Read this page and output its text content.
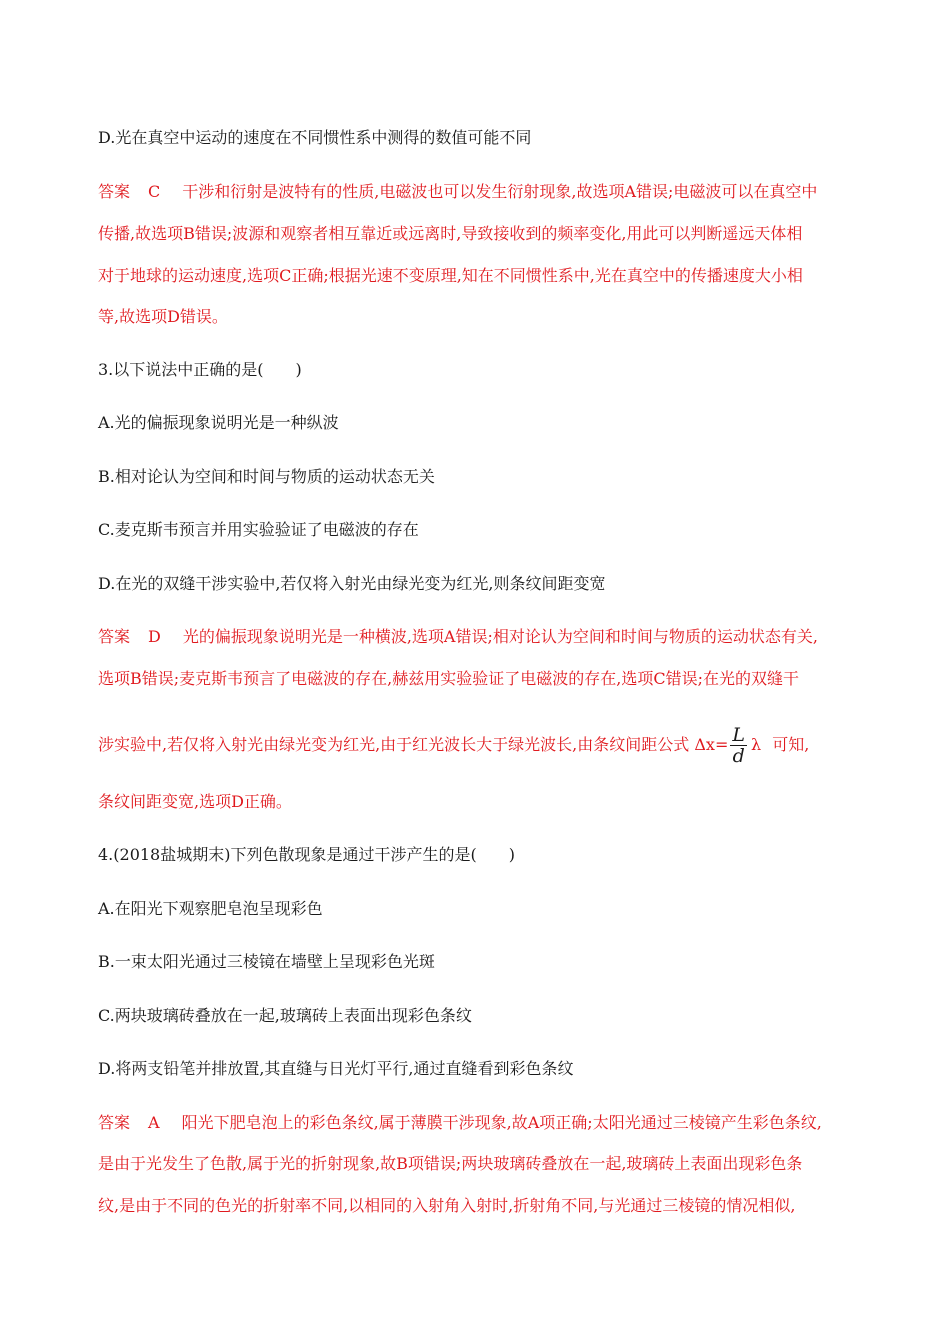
D.光在真空中运动的速度在不同惯性系中测得的数值可能不同
答案 C 干涉和衍射是波特有的性质,电磁波也可以发生衍射现象,故选项A错误;电磁波可以在真空中
传播,故选项B错误;波源和观察者相互靠近或远离时,导致接收到的频率变化,用此可以判断遥远天体相
对于地球的运动速度,选项C正确;根据光速不变原理,知在不同惯性系中,光在真空中的传播速度大小相
等,故选项D错误。
3.以下说法中正确的是(　　)
A.光的偏振现象说明光是一种纵波
B.相对论认为空间和时间与物质的运动状态无关
C.麦克斯韦预言并用实验验证了电磁波的存在
D.在光的双缝干涉实验中,若仅将入射光由绿光变为红光,则条纹间距变宽
答案 D 光的偏振现象说明光是一种横波,选项A错误;相对论认为空间和时间与物质的运动状态有关,
选项B错误;麦克斯韦预言了电磁波的存在,赫兹用实验验证了电磁波的存在,选项C错误;在光的双缝干
涉实验中,若仅将入射光由绿光变为红光,由于红光波长大于绿光波长,由条纹间距公式 $\Delta x= \frac{L}{d}$ λ 可知,
条纹间距变宽,选项D正确。
4.(2018盐城期末)下列色散现象是通过干涉产生的是(　　)
A.在阳光下观察肥皂泡呈现彩色
B.一束太阳光通过三棱镜在墙壁上呈现彩色光斑
C.两块玻璃砖叠放在一起,玻璃砖上表面出现彩色条纹
D.将两支铅笔并排放置,其直缝与日光灯平行,通过直缝看到彩色条纹
答案 A 阳光下肥皂泡上的彩色条纹,属于薄膜干涉现象,故A项正确;太阳光通过三棱镜产生彩色条纹,
是由于光发生了色散,属于光的折射现象,故B项错误;两块玻璃砖叠放在一起,玻璃砖上表面出现彩色条
纹,是由于不同的色光的折射率不同,以相同的入射角入射时,折射角不同,与光通过三棱镜的情况相似,
